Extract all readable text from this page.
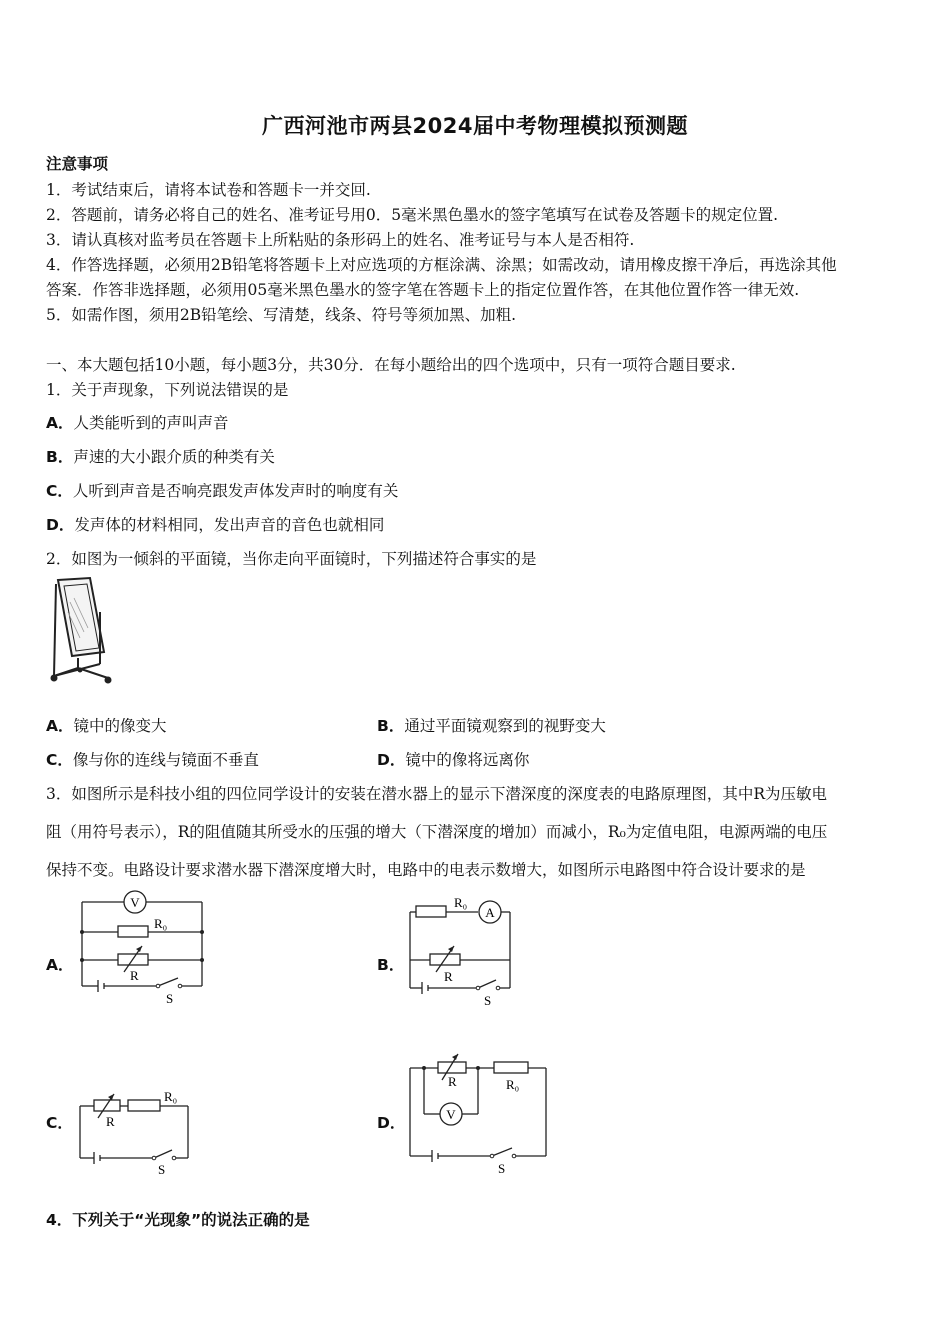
广西河池市两县2024届中考物理模拟预测题
注意事项
1．考试结束后，请将本试卷和答题卡一并交回.
2．答题前，请务必将自己的姓名、准考证号用0．5毫米黑色墨水的签字笔填写在试卷及答题卡的规定位置.
3．请认真核对监考员在答题卡上所粘贴的条形码上的姓名、准考证号与本人是否相符.
4．作答选择题，必须用2B铅笔将答题卡上对应选项的方框涂满、涂黑；如需改动，请用橡皮擦干净后，再选涂其他
答案．作答非选择题，必须用05毫米黑色墨水的签字笔在答题卡上的指定位置作答，在其他位置作答一律无效.
5．如需作图，须用2B铅笔绘、写清楚，线条、符号等须加黑、加粗.
一、本大题包括10小题，每小题3分，共30分．在每小题给出的四个选项中，只有一项符合题目要求.
1．关于声现象，下列说法错误的是
A．人类能听到的声叫声音
B．声速的大小跟介质的种类有关
C．人听到声音是否响亮跟发声体发声时的响度有关
D．发声体的材料相同，发出声音的音色也就相同
2．如图为一倾斜的平面镜，当你走向平面镜时，下列描述符合事实的是
A．镜中的像变大	B．通过平面镜观察到的视野变大
C．像与你的连线与镜面不垂直	D．镜中的像将远离你
3．如图所示是科技小组的四位同学设计的安装在潜水器上的显示下潜深度的深度表的电路原理图，其中R为压敏电
阻（用符号表示），R的阻值随其所受水的压强的增大（下潜深度的增加）而减小，R₀为定值电阻，电源两端的电压
保持不变。电路设计要求潜水器下潜深度增大时，电路中的电表示数增大，如图所示电路图中符合设计要求的是
A．	B．
C．	D．
V
R₀
R
S
R₀
A
R
S
R₀
R
S
R	R₀
V
S
4．下列关于“光现象”的说法正确的是
